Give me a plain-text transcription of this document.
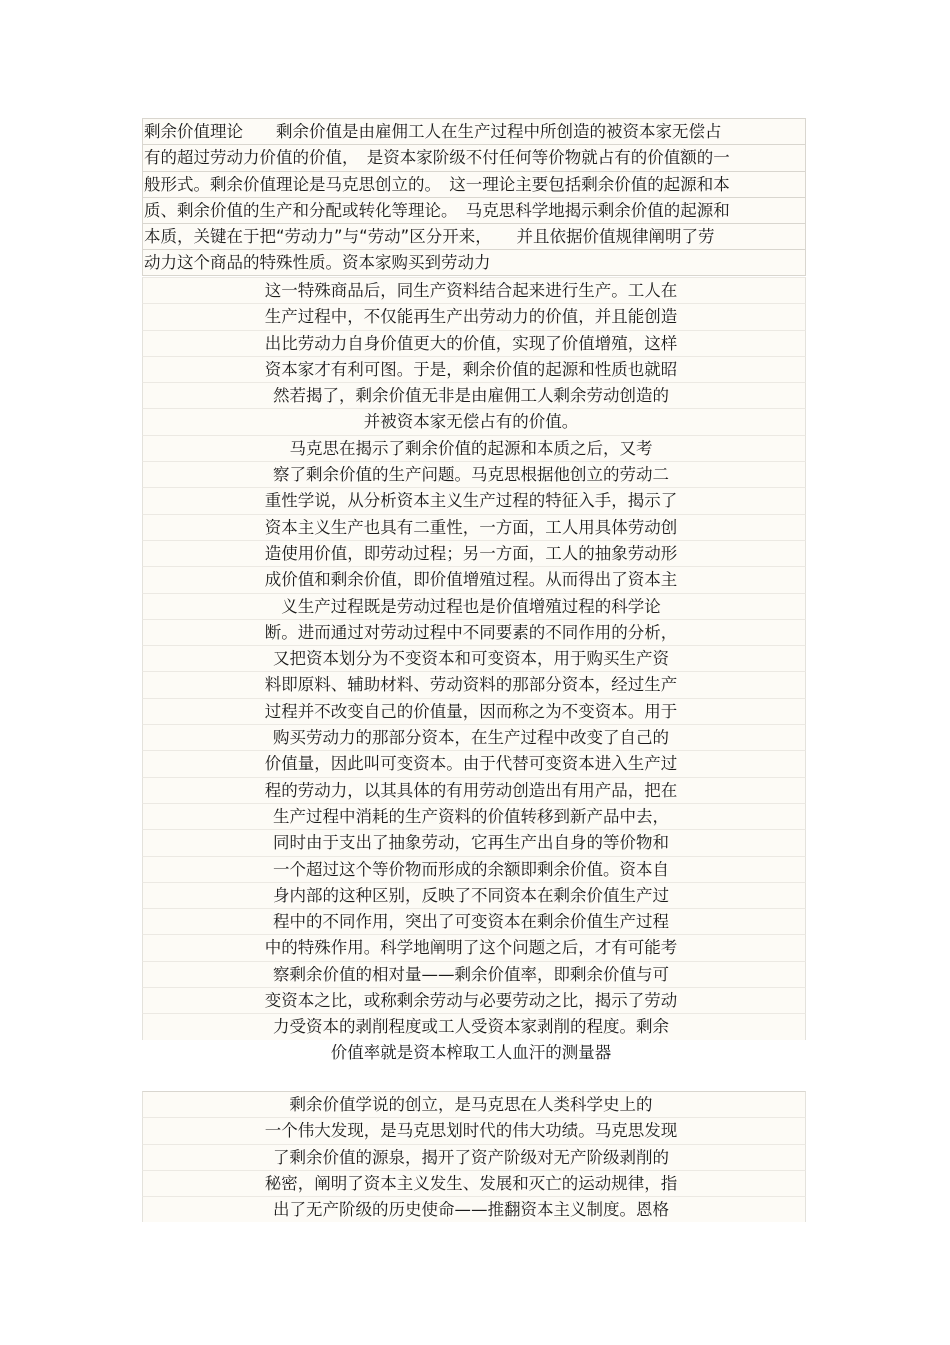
剩余价值理论　　剩余价值是由雇佣工人在生产过程中所创造的被资本家无偿占
有的超过劳动力价值的价值，　是资本家阶级不付任何等价物就占有的价值额的一
般形式。剩余价值理论是马克思创立的。　这一理论主要包括剩余价值的起源和本
质、剩余价值的生产和分配或转化等理论。　马克思科学地揭示剩余价值的起源和
本质，关键在于把“劳动力”与“劳动”区分开来，　　并且依据价值规律阐明了劳
动力这个商品的特殊性质。资本家购买到劳动力
这一特殊商品后，同生产资料结合起来进行生产。工人在
生产过程中，不仅能再生产出劳动力的价值，并且能创造
出比劳动力自身价值更大的价值，实现了价值增殖，这样
资本家才有利可图。于是，剩余价值的起源和性质也就昭
然若揭了，剩余价值无非是由雇佣工人剩余劳动创造的
并被资本家无偿占有的价值。
马克思在揭示了剩余价值的起源和本质之后，又考
察了剩余价值的生产问题。马克思根据他创立的劳动二
重性学说，从分析资本主义生产过程的特征入手，揭示了
资本主义生产也具有二重性，一方面，工人用具体劳动创
造使用价值，即劳动过程；另一方面，工人的抽象劳动形
成价值和剩余价值，即价值增殖过程。从而得出了资本主
义生产过程既是劳动过程也是价值增殖过程的科学论
断。进而通过对劳动过程中不同要素的不同作用的分析，
又把资本划分为不变资本和可变资本，用于购买生产资
料即原料、辅助材料、劳动资料的那部分资本，经过生产
过程并不改变自己的价值量，因而称之为不变资本。用于
购买劳动力的那部分资本，在生产过程中改变了自己的
价值量，因此叫可变资本。由于代替可变资本进入生产过
程的劳动力，以其具体的有用劳动创造出有用产品，把在
生产过程中消耗的生产资料的价值转移到新产品中去，
同时由于支出了抽象劳动，它再生产出自身的等价物和
一个超过这个等价物而形成的余额即剩余价值。资本自
身内部的这种区别，反映了不同资本在剩余价值生产过
程中的不同作用，突出了可变资本在剩余价值生产过程
中的特殊作用。科学地阐明了这个问题之后，才有可能考
察剩余价值的相对量——剩余价值率，即剩余价值与可
变资本之比，或称剩余劳动与必要劳动之比，揭示了劳动
力受资本的剥削程度或工人受资本家剥削的程度。剩余
价值率就是资本榨取工人血汗的测量器
剩余价值学说的创立，是马克思在人类科学史上的
一个伟大发现，是马克思划时代的伟大功绩。马克思发现
了剩余价值的源泉，揭开了资产阶级对无产阶级剥削的
秘密，阐明了资本主义发生、发展和灭亡的运动规律，指
出了无产阶级的历史使命——推翻资本主义制度。恩格
